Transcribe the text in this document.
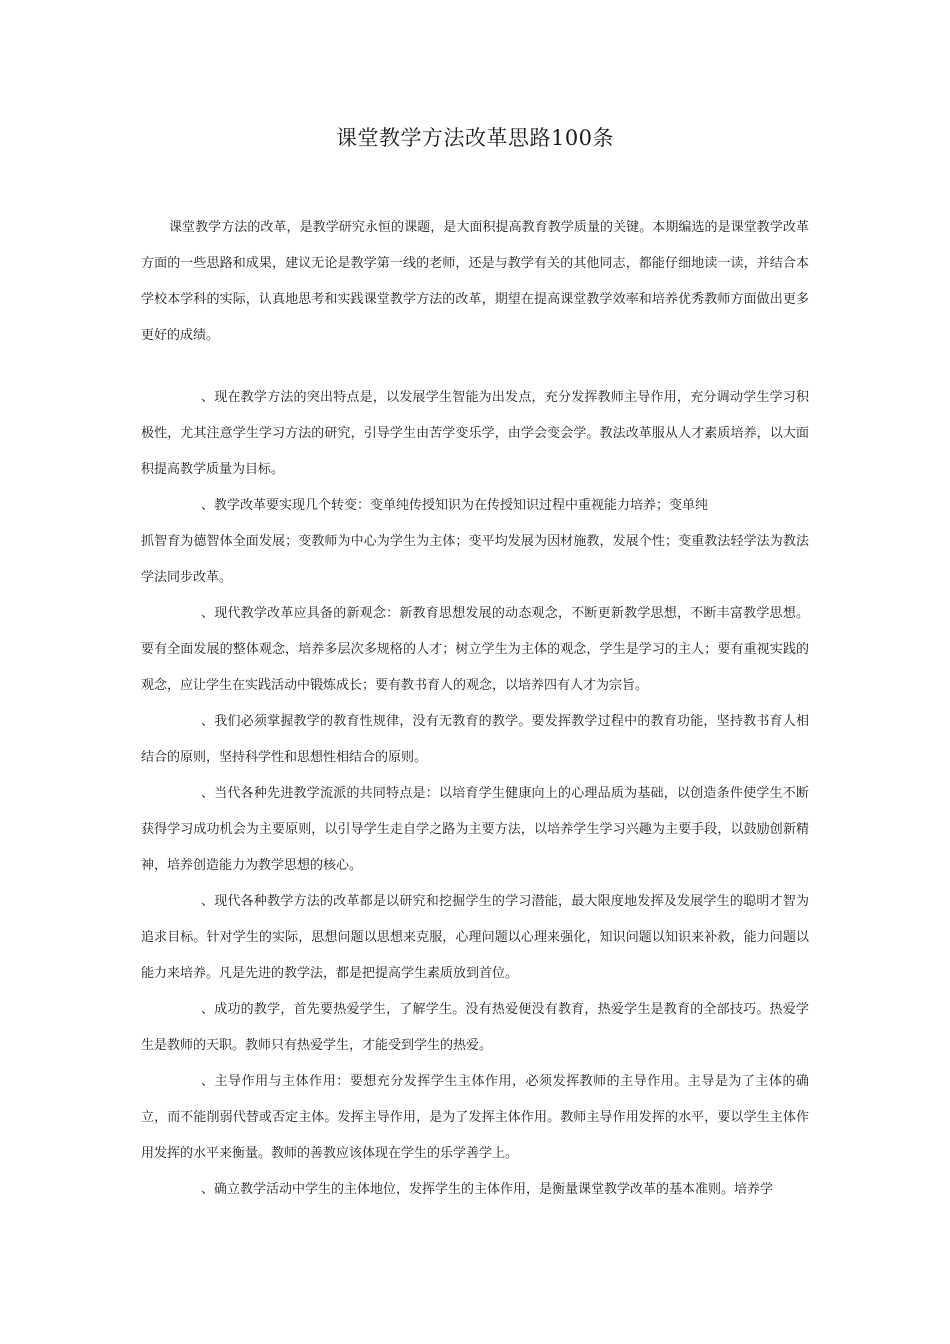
课堂教学方法改革思路100条

课堂教学方法的改革，是教学研究永恒的课题，是大面积提高教育教学质量的关键。本期编选的是课堂教学改革方面的一些思路和成果，建议无论是教学第一线的老师，还是与教学有关的其他同志，都能仔细地读一读，并结合本学校本学科的实际，认真地思考和实践课堂教学方法的改革，期望在提高课堂教学效率和培养优秀教师方面做出更多更好的成绩。

、现在教学方法的突出特点是，以发展学生智能为出发点，充分发挥教师主导作用，充分调动学生学习积极性，尤其注意学生学习方法的研究，引导学生由苦学变乐学，由学会变会学。教法改革服从人才素质培养，以大面积提高教学质量为目标。

、教学改革要实现几个转变：变单纯传授知识为在传授知识过程中重视能力培养；变单纯

抓智育为德智体全面发展；变教师为中心为学生为主体；变平均发展为因材施教，发展个性；变重教法轻学法为教法学法同步改革。

、现代教学改革应具备的新观念：新教育思想发展的动态观念，不断更新教学思想，不断丰富教学思想。要有全面发展的整体观念，培养多层次多规格的人才；树立学生为主体的观念，学生是学习的主人；要有重视实践的观念，应让学生在实践活动中锻炼成长；要有教书育人的观念，以培养四有人才为宗旨。

、我们必须掌握教学的教育性规律，没有无教育的教学。要发挥教学过程中的教育功能，坚持教书育人相结合的原则，坚持科学性和思想性相结合的原则。

、当代各种先进教学流派的共同特点是：以培育学生健康向上的心理品质为基础，以创造条件使学生不断获得学习成功机会为主要原则，以引导学生走自学之路为主要方法，以培养学生学习兴趣为主要手段，以鼓励创新精神，培养创造能力为教学思想的核心。

、现代各种教学方法的改革都是以研究和挖掘学生的学习潜能，最大限度地发挥及发展学生的聪明才智为追求目标。针对学生的实际，思想问题以思想来克服，心理问题以心理来强化，知识问题以知识来补救，能力问题以能力来培养。凡是先进的教学法，都是把提高学生素质放到首位。

、成功的教学，首先要热爱学生，了解学生。没有热爱便没有教育，热爱学生是教育的全部技巧。热爱学生是教师的天职。教师只有热爱学生，才能受到学生的热爱。

、主导作用与主体作用：要想充分发挥学生主体作用，必须发挥教师的主导作用。主导是为了主体的确立，而不能削弱代替或否定主体。发挥主导作用，是为了发挥主体作用。教师主导作用发挥的水平，要以学生主体作用发挥的水平来衡量。教师的善教应该体现在学生的乐学善学上。

、确立教学活动中学生的主体地位，发挥学生的主体作用，是衡量课堂教学改革的基本准则。培养学
